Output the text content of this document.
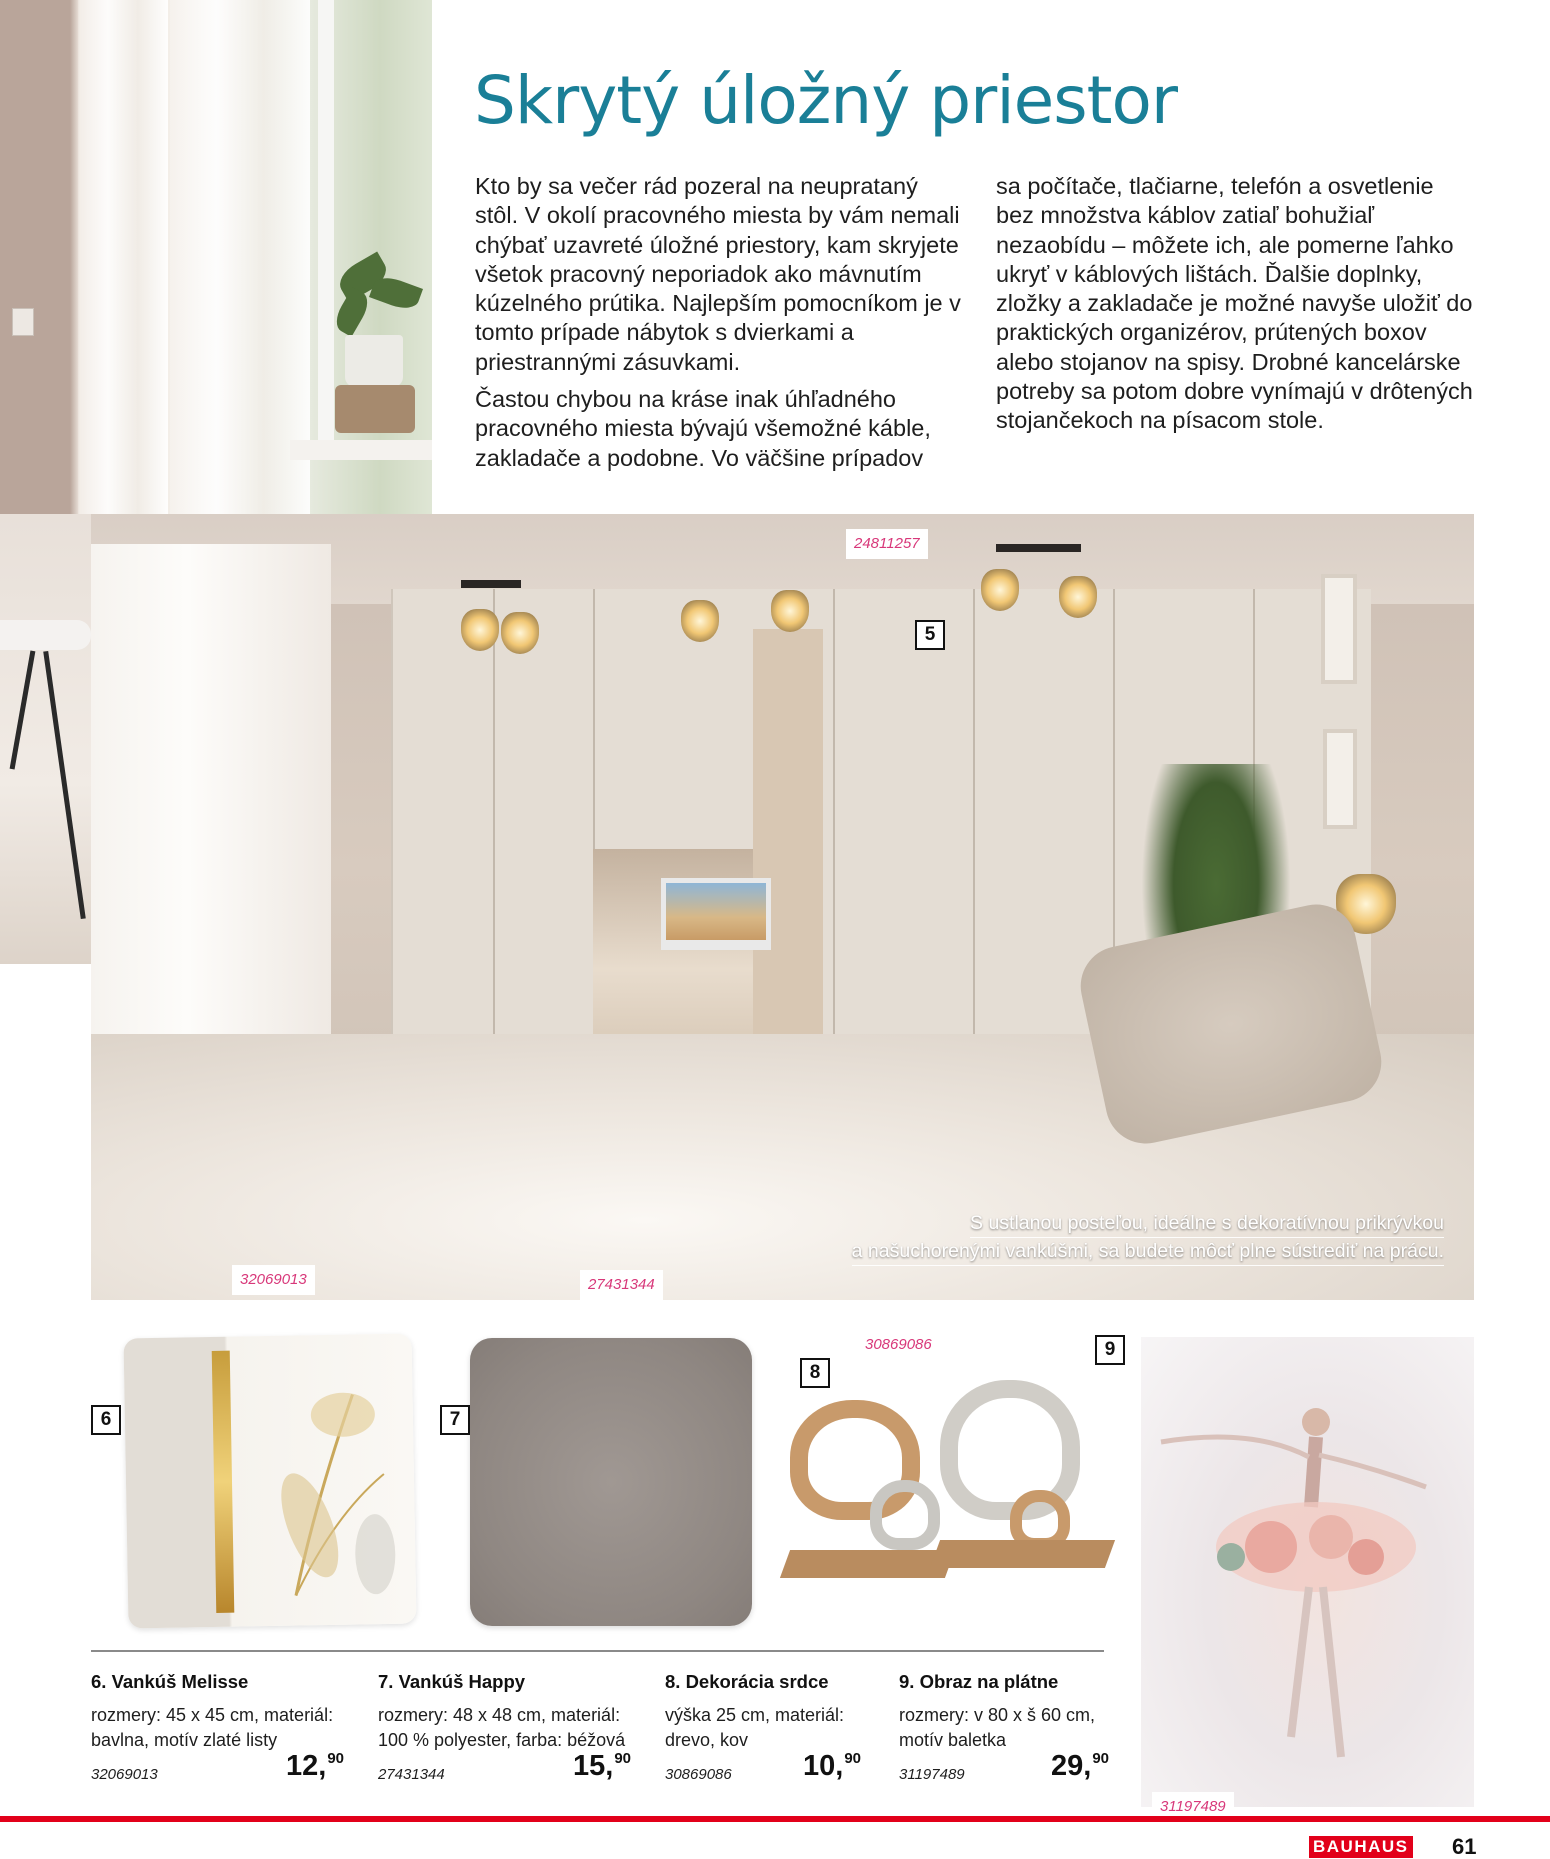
Skrytý úložný priestor

Kto by sa večer rád pozeral na neuprataný stôl. V okolí pracovného miesta by vám nemali chýbať uzavreté úložné priestory, kam skryjete všetok pracovný neporiadok ako mávnutím kúzelného prútika. Najlepším pomocníkom je v tomto prípade nábytok s dvierkami a priestrannými zásuvkami.

Častou chybou na kráse inak úhľadného pracovného miesta bývajú všemožné káble, zakladače a podobne. Vo väčšine prípadov

sa počítače, tlačiarne, telefón a osvetlenie bez množstva káblov zatiaľ bohužiaľ nezaobídu – môžete ich, ale pomerne ľahko ukryť v káblových lištách. Ďalšie doplnky, zložky a zakladače je možné navyše uložiť do praktických organizérov, prútených boxov alebo stojanov na spisy. Drobné kancelárske potreby sa potom dobre vynímajú v drôtených stojančekoch na písacom stole.

S ustlanou posteľou, ideálne s dekoratívnou prikrývkou
a našuchorenými vankúšmi, sa budete môcť plne sústrediť na prácu.
24811257
32069013	27431344
5
6	7
8
30869086	9
31197489
6. Vankúš Melisse
rozmery: 45 x 45 cm, materiál: bavlna, motív zlaté listy
32069013	12,90
7. Vankúš Happy
rozmery: 48 x 48 cm, materiál: 100 % polyester, farba: béžová
27431344	15,90
8. Dekorácia srdce
výška 25 cm, materiál: drevo, kov
30869086 10,90
9. Obraz na plátne
rozmery: v 80 x š 60 cm, motív baletka
31197489	29,90
BAUHAUS 61
